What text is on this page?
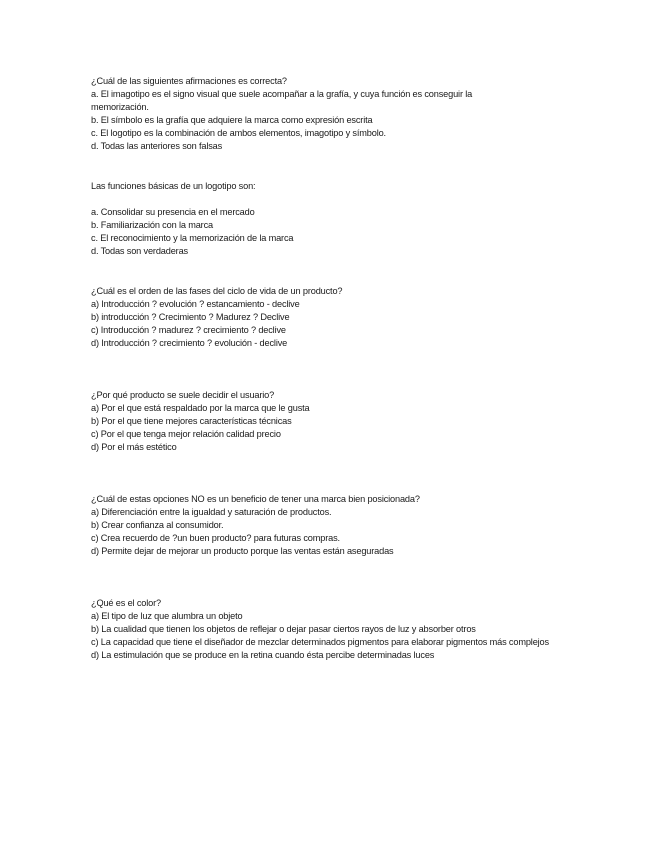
¿Cuál de las siguientes afirmaciones es correcta?
a. El imagotipo es el signo visual que suele acompañar a la grafía, y cuya función es conseguir la memorización.
b. El símbolo es la grafía que adquiere la marca como expresión escrita
c. El logotipo es la combinación de ambos elementos, imagotipo y símbolo.
d. Todas las anteriores son falsas
Las funciones básicas de un logotipo son:
a. Consolidar su presencia en el mercado
b. Familiarización con la marca
c. El reconocimiento y la memorización de la marca
d. Todas son verdaderas
¿Cuál es el orden de las fases del ciclo de vida de un producto?
a) Introducción ? evolución ? estancamiento - declive
b) introducción ? Crecimiento ? Madurez ? Declive
c) Introducción ? madurez ? crecimiento ? declive
d) Introducción ? crecimiento ? evolución - declive
¿Por qué producto se suele decidir el usuario?
a) Por el que está respaldado por la marca que le gusta
b) Por el que tiene mejores características técnicas
c) Por el que tenga mejor relación calidad precio
d) Por el más estético
¿Cuál de estas opciones NO es un beneficio de tener una marca bien posicionada?
a) Diferenciación entre la igualdad y saturación de productos.
b) Crear confianza al consumidor.
c) Crea recuerdo de ?un buen producto? para futuras compras.
d) Permite dejar de mejorar un producto porque las ventas están aseguradas
¿Qué es el color?
a) El tipo de luz que alumbra un objeto
b) La cualidad que tienen los objetos de reflejar o dejar pasar ciertos rayos de luz y absorber otros
c) La capacidad que tiene el diseñador de mezclar determinados pigmentos para elaborar pigmentos más complejos
d) La estimulación que se produce en la retina cuando ésta percibe determinadas luces
